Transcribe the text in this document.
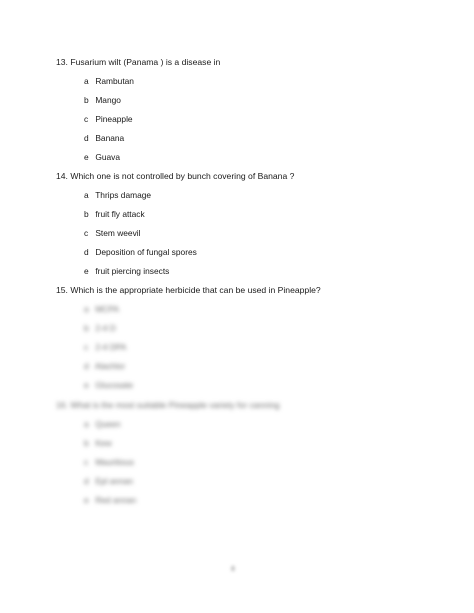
13. Fusarium wilt (Panama ) is a disease in
a Rambutan
b Mango
c Pineapple
d Banana
e Guava
14. Which one is not controlled by bunch covering of Banana ?
a Thrips damage
b fruit fly attack
c Stem weevil
d Deposition of fungal spores
e fruit piercing insects
15. Which is the appropriate herbicide that can be used in Pineapple?
a MCPA
b 2-4 D
c 2-4 DPA
d Alachlor
e Glucosate
16. What is the most suitable Pineapple variety for canning
a Queen
b Kew
c Mauritious
d Epl annan
e Red annan
8
